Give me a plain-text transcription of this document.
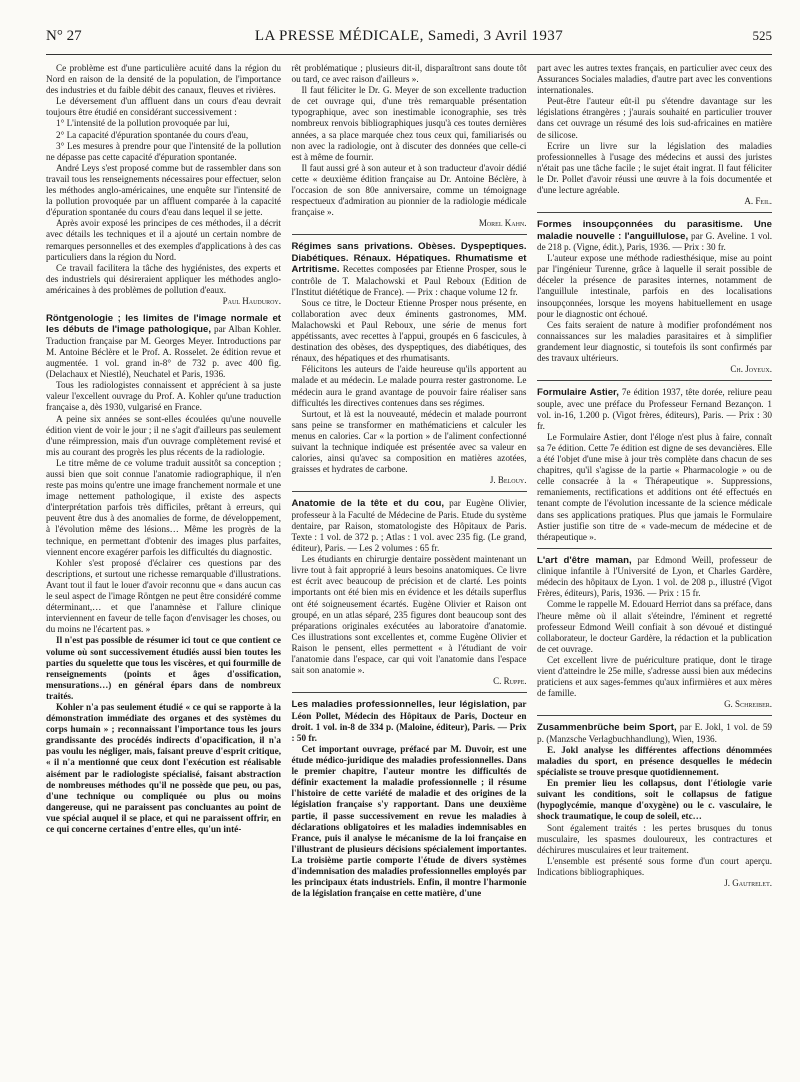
N° 27	LA PRESSE MÉDICALE, Samedi, 3 Avril 1937	525

Ce problème est d'une particulière acuité dans la région du Nord en raison de la densité de la population, de l'importance des industries et du faible débit des canaux, fleuves et rivières.

Le déversement d'un affluent dans un cours d'eau devrait toujours être étudié en considérant successivement :

1° L'intensité de la pollution provoquée par lui,

2° La capacité d'épuration spontanée du cours d'eau,

3° Les mesures à prendre pour que l'intensité de la pollution ne dépasse pas cette capacité d'épuration spontanée.

André Leys s'est proposé comme but de rassembler dans son travail tous les renseignements nécessaires pour effectuer, selon les méthodes anglo-américaines, une enquête sur l'intensité de la pollution provoquée par un affluent comparée à la capacité d'épuration spontanée du cours d'eau dans lequel il se jette.

Après avoir exposé les principes de ces méthodes, il a décrit avec détails les techniques et il a ajouté un certain nombre de remarques personnelles et des exemples d'applications à des cas particuliers dans la région du Nord.

Ce travail facilitera la tâche des hygiénistes, des experts et des industriels qui désireraient appliquer les méthodes anglo-américaines à des problèmes de pollution d'eaux.

Paul Hauduroy.

Röntgenologie ; les limites de l'image normale et les débuts de l'image pathologique, par Alban Kohler. Traduction française par M. Georges Meyer. Introductions par M. Antoine Béclère et le Prof. A. Rosselet. 2e édition revue et augmentée. 1 vol. grand in-8° de 732 p. avec 400 fig. (Delachaux et Niestlé), Neuchatel et Paris, 1936.

Tous les radiologistes connaissent et apprécient à sa juste valeur l'excellent ouvrage du Prof. A. Kohler qu'une traduction française a, dès 1930, vulgarisé en France.

A peine six années se sont-elles écoulées qu'une nouvelle édition vient de voir le jour ; il ne s'agit d'ailleurs pas seulement d'une réimpression, mais d'un ouvrage complètement revisé et mis au courant des progrès les plus récents de la radiologie.

Le titre même de ce volume traduit aussitôt sa conception ; aussi bien que soit connue l'anatomie radiographique, il n'en reste pas moins qu'entre une image franchement normale et une image nettement pathologique, il existe des aspects d'interprétation parfois très difficiles, prêtant à erreurs, qui peuvent être dus à des anomalies de forme, de développement, à l'évolution même des lésions… Même les progrès de la technique, en permettant d'obtenir des images plus parfaites, viennent encore exagérer parfois les difficultés du diagnostic.

Kohler s'est proposé d'éclairer ces questions par des descriptions, et surtout une richesse remarquable d'illustrations. Avant tout il faut le louer d'avoir reconnu que « dans aucun cas le seul aspect de l'image Röntgen ne peut être considéré comme déterminant,… et que l'anamnèse et l'allure clinique interviennent en faveur de telle façon d'envisager les choses, ou du moins ne l'écartent pas. »

Il n'est pas possible de résumer ici tout ce que contient ce volume où sont successivement étudiés aussi bien toutes les parties du squelette que tous les viscères, et qui fourmille de renseignements (points et âges d'ossification, mensurations…) en général épars dans de nombreux traités.

Kohler n'a pas seulement étudié « ce qui se rapporte à la démonstration immédiate des organes et des systèmes du corps humain » ; reconnaissant l'importance tous les jours grandissante des procédés indirects d'opacification, il n'a pas voulu les négliger, mais, faisant preuve d'esprit critique, « il n'a mentionné que ceux dont l'exécution est réalisable aisément par le radiologiste spécialisé, faisant abstraction de nombreuses méthodes qu'il ne possède que peu, ou pas, d'une technique ou compliquée ou plus ou moins dangereuse, qui ne paraissent pas concluantes au point de vue spécial auquel il se place, et qui ne paraissent offrir, en ce qui concerne certaines d'entre elles, qu'un inté-

rêt problématique ; plusieurs dit-il, disparaîtront sans doute tôt ou tard, ce avec raison d'ailleurs ».

Il faut féliciter le Dr. G. Meyer de son excellente traduction de cet ouvrage qui, d'une très remarquable présentation typographique, avec son inestimable iconographie, ses très nombreux renvois bibliographiques jusqu'à ces toutes dernières années, a sa place marquée chez tous ceux qui, familiarisés ou non avec la radiologie, ont à discuter des données que celle-ci est à même de fournir.

Il faut aussi gré à son auteur et à son traducteur d'avoir dédié cette « deuxième édition française au Dr. Antoine Béclère, à l'occasion de son 80e anniversaire, comme un témoignage respectueux d'admiration au pionnier de la radiologie médicale française ».

Morel Kahn.

Régimes sans privations. Obèses. Dyspeptiques. Diabétiques. Rénaux. Hépatiques. Rhumatisme et Artritisme. Recettes composées par Etienne Prosper, sous le contrôle de T. Malachowski et Paul Reboux (Edition de l'Institut diététique de France). — Prix : chaque volume 12 fr.

Sous ce titre, le Docteur Etienne Prosper nous présente, en collaboration avec deux éminents gastronomes, MM. Malachowski et Paul Reboux, une série de menus fort appétissants, avec recettes à l'appui, groupés en 6 fascicules, à destination des obèses, des dyspeptiques, des diabétiques, des rénaux, des hépatiques et des rhumatisants.

Félicitons les auteurs de l'aide heureuse qu'ils apportent au malade et au médecin. Le malade pourra rester gastronome. Le médecin aura le grand avantage de pouvoir faire réaliser sans difficultés les directives contenues dans ses régimes.

Surtout, et là est la nouveauté, médecin et malade pourront sans peine se transformer en mathématiciens et calculer les menus en calories. Car « la portion » de l'aliment confectionné suivant la technique indiquée est présentée avec sa valeur en calories, ainsi qu'avec sa composition en matières azotées, graisses et hydrates de carbone.

J. Belouy.

Anatomie de la tête et du cou, par Eugène Olivier, professeur à la Faculté de Médecine de Paris. Etude du système dentaire, par Raison, stomatologiste des Hôpitaux de Paris. Texte : 1 vol. de 372 p. ; Atlas : 1 vol. avec 235 fig. (Le grand, éditeur), Paris. — Les 2 volumes : 65 fr.

Les étudiants en chirurgie dentaire possèdent maintenant un livre tout à fait approprié à leurs besoins anatomiques. Ce livre est écrit avec beaucoup de précision et de clarté. Les points importants ont été bien mis en évidence et les détails superflus ont été soigneusement écartés. Eugène Olivier et Raison ont groupé, en un atlas séparé, 235 figures dont beaucoup sont des préparations originales exécutées au laboratoire d'anatomie. Ces illustrations sont excellentes et, comme Eugène Olivier et Raison le pensent, elles permettent « à l'étudiant de voir l'anatomie dans l'espace, car qui voit l'anatomie dans l'espace sait son anatomie ».

C. Ruppe.

Les maladies professionnelles, leur législation, par Léon Pollet, Médecin des Hôpitaux de Paris, Docteur en droit. 1 vol. in-8 de 334 p. (Maloine, éditeur), Paris. — Prix : 50 fr.

Cet important ouvrage, préfacé par M. Duvoir, est une étude médico-juridique des maladies professionnelles. Dans le premier chapitre, l'auteur montre les difficultés de définir exactement la maladie professionnelle ; il résume l'histoire de cette variété de maladie et des origines de la législation française s'y rapportant. Dans une deuxième partie, il passe successivement en revue les maladies à déclarations obligatoires et les maladies indemnisables en France, puis il analyse le mécanisme de la loi française en l'illustrant de plusieurs décisions spécialement importantes. La troisième partie comporte l'étude de divers systèmes d'indemnisation des maladies professionnelles employés par les principaux états industriels. Enfin, il montre l'harmonie de la législation française en cette matière, d'une

part avec les autres textes français, en particulier avec ceux des Assurances Sociales maladies, d'autre part avec les conventions internationales.

Peut-être l'auteur eût-il pu s'étendre davantage sur les législations étrangères ; j'aurais souhaité en particulier trouver dans cet ouvrage un résumé des lois sud-africaines en matière de silicose.

Ecrire un livre sur la législation des maladies professionnelles à l'usage des médecins et aussi des juristes n'était pas une tâche facile ; le sujet était ingrat. Il faut féliciter le Dr. Pollet d'avoir réussi une œuvre à la fois documentée et d'une lecture agréable.

A. Feil.

Formes insoupçonnées du parasitisme. Une maladie nouvelle : l'anguillulose, par G. Aveline. 1 vol. de 218 p. (Vigne, édit.), Paris, 1936. — Prix : 30 fr.

L'auteur expose une méthode radiesthésique, mise au point par l'ingénieur Turenne, grâce à laquelle il serait possible de déceler la présence de parasites internes, notamment de l'anguillule intestinale, parfois en des localisations insoupçonnées, lorsque les moyens habituellement en usage pour le diagnostic ont échoué.

Ces faits seraient de nature à modifier profondément nos connaissances sur les maladies parasitaires et à simplifier grandement leur diagnostic, si toutefois ils sont confirmés par des travaux ultérieurs.

Ch. Joyeux.

Formulaire Astier, 7e édition 1937, tête dorée, reliure peau souple, avec une préface du Professeur Fernand Bezançon. 1 vol. in-16, 1.200 p. (Vigot frères, éditeurs), Paris. — Prix : 30 fr.

Le Formulaire Astier, dont l'éloge n'est plus à faire, connaît sa 7e édition. Cette 7e édition est digne de ses devancières. Elle a été l'objet d'une mise à jour très complète dans chacun de ses chapitres, qu'il s'agisse de la partie « Pharmacologie » ou de celle consacrée à la « Thérapeutique ». Suppressions, remaniements, rectifications et additions ont été effectués en tenant compte de l'évolution incessante de la science médicale dans ses applications pratiques. Plus que jamais le Formulaire Astier justifie son titre de « vade-mecum de médecine et de thérapeutique ».

L'art d'être maman, par Edmond Weill, professeur de clinique infantile à l'Université de Lyon, et Charles Gardère, médecin des hôpitaux de Lyon. 1 vol. de 208 p., illustré (Vigot Frères, éditeurs), Paris, 1936. — Prix : 15 fr.

Comme le rappelle M. Edouard Herriot dans sa préface, dans l'heure même où il allait s'éteindre, l'éminent et regretté professeur Edmond Weill confiait à son dévoué et distingué collaborateur, le docteur Gardère, la rédaction et la publication de cet ouvrage.

Cet excellent livre de puériculture pratique, dont le tirage vient d'atteindre le 25e mille, s'adresse aussi bien aux médecins praticiens et aux sages-femmes qu'aux infirmières et aux mères de famille.

G. Schreiber.

Zusammenbrüche beim Sport, par E. Jokl, 1 vol. de 59 p. (Manzsche Verlagbuchhandlung), Wien, 1936.

E. Jokl analyse les différentes affections dénommées maladies du sport, en présence desquelles le médecin spécialiste se trouve presque quotidiennement.

En premier lieu les collapsus, dont l'étiologie varie suivant les conditions, soit le collapsus de fatigue (hypoglycémie, manque d'oxygène) ou le c. vasculaire, le shock traumatique, le coup de soleil, etc…

Sont également traités : les pertes brusques du tonus musculaire, les spasmes douloureux, les contractures et déchirures musculaires et leur traitement.

L'ensemble est présenté sous forme d'un court aperçu. Indications bibliographiques.

J. Gautrelet.
